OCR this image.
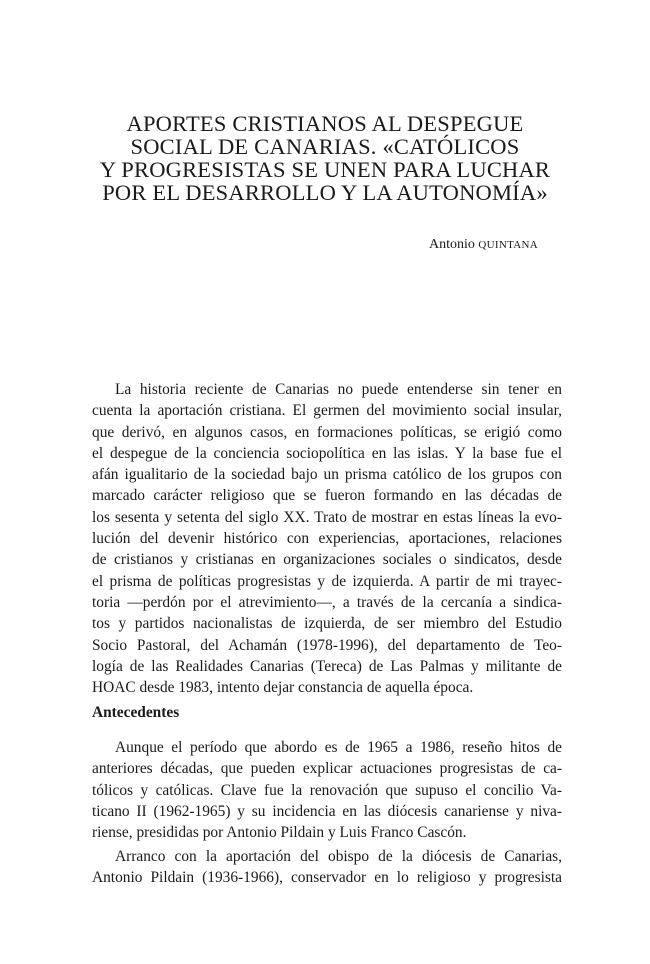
APORTES CRISTIANOS AL DESPEGUE
SOCIAL DE CANARIAS. «CATÓLICOS
Y PROGRESISTAS SE UNEN PARA LUCHAR
POR EL DESARROLLO Y LA AUTONOMÍA»
Antonio QUINTANA
La historia reciente de Canarias no puede entenderse sin tener en
cuenta la aportación cristiana. El germen del movimiento social insular,
que derivó, en algunos casos, en formaciones políticas, se erigió como
el despegue de la conciencia sociopolítica en las islas. Y la base fue el
afán igualitario de la sociedad bajo un prisma católico de los grupos con
marcado carácter religioso que se fueron formando en las décadas de
los sesenta y setenta del siglo XX. Trato de mostrar en estas líneas la evo-
lución del devenir histórico con experiencias, aportaciones, relaciones
de cristianos y cristianas en organizaciones sociales o sindicatos, desde
el prisma de políticas progresistas y de izquierda. A partir de mi trayec-
toria —perdón por el atrevimiento—, a través de la cercanía a sindica-
tos y partidos nacionalistas de izquierda, de ser miembro del Estudio
Socio Pastoral, del Achamán (1978-1996), del departamento de Teo-
logía de las Realidades Canarias (Tereca) de Las Palmas y militante de
HOAC desde 1983, intento dejar constancia de aquella época.
Antecedentes
Aunque el período que abordo es de 1965 a 1986, reseño hitos de
anteriores décadas, que pueden explicar actuaciones progresistas de ca-
tólicos y católicas. Clave fue la renovación que supuso el concilio Va-
ticano II (1962-1965) y su incidencia en las diócesis canariense y niva-
riense, presididas por Antonio Pildain y Luis Franco Cascón.
Arranco con la aportación del obispo de la diócesis de Canarias,
Antonio Pildain (1936-1966), conservador en lo religioso y progresista
